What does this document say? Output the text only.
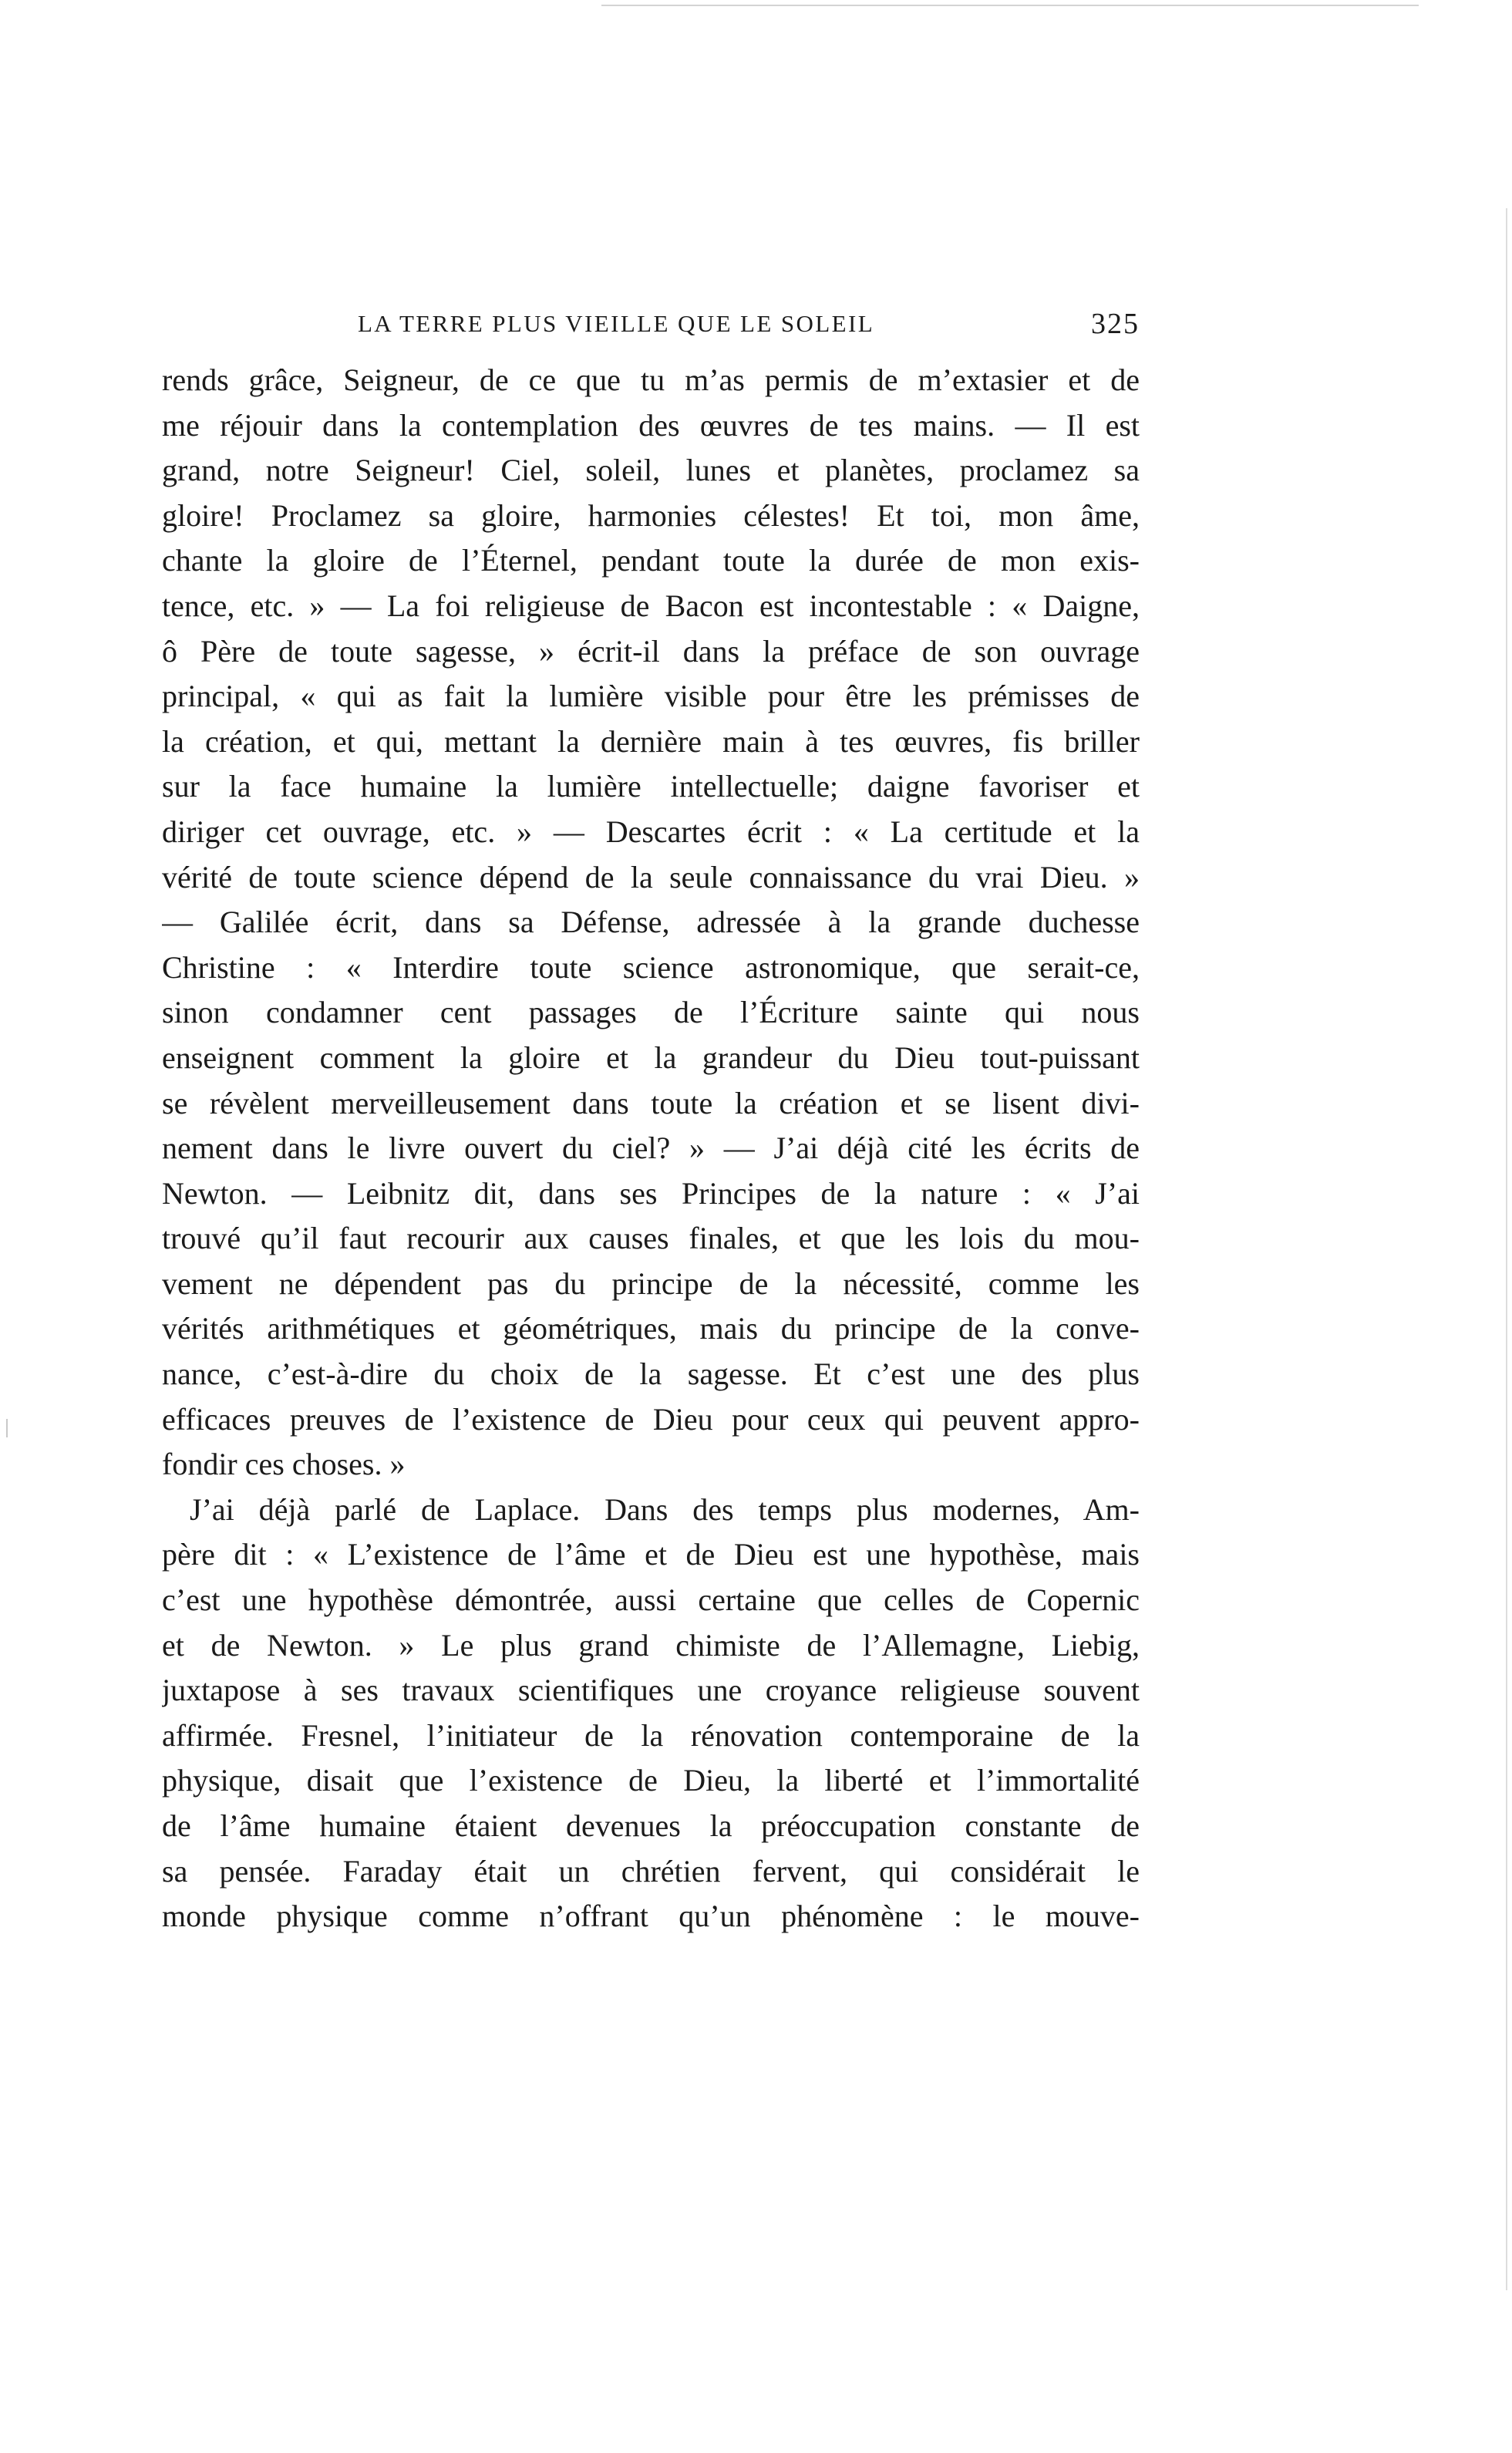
LA TERRE PLUS VIEILLE QUE LE SOLEIL	325
rends grâce, Seigneur, de ce que tu m’as permis de m’extasier et de
me réjouir dans la contemplation des œuvres de tes mains. — Il est
grand, notre Seigneur! Ciel, soleil, lunes et planètes, proclamez sa
gloire! Proclamez sa gloire, harmonies célestes! Et toi, mon âme,
chante la gloire de l’Éternel, pendant toute la durée de mon exis-
tence, etc. » — La foi religieuse de Bacon est incontestable : « Daigne,
ô Père de toute sagesse, » écrit-il dans la préface de son ouvrage
principal, « qui as fait la lumière visible pour être les prémisses de
la création, et qui, mettant la dernière main à tes œuvres, fis briller
sur la face humaine la lumière intellectuelle; daigne favoriser et
diriger cet ouvrage, etc. » — Descartes écrit : « La certitude et la
vérité de toute science dépend de la seule connaissance du vrai Dieu. »
— Galilée écrit, dans sa Défense, adressée à la grande duchesse
Christine : « Interdire toute science astronomique, que serait-ce,
sinon condamner cent passages de l’Écriture sainte qui nous
enseignent comment la gloire et la grandeur du Dieu tout-puissant
se révèlent merveilleusement dans toute la création et se lisent divi-
nement dans le livre ouvert du ciel? » — J’ai déjà cité les écrits de
Newton. — Leibnitz dit, dans ses Principes de la nature : « J’ai
trouvé qu’il faut recourir aux causes finales, et que les lois du mou-
vement ne dépendent pas du principe de la nécessité, comme les
vérités arithmétiques et géométriques, mais du principe de la conve-
nance, c’est-à-dire du choix de la sagesse. Et c’est une des plus
efficaces preuves de l’existence de Dieu pour ceux qui peuvent appro-
fondir ces choses. »
J’ai déjà parlé de Laplace. Dans des temps plus modernes, Am-
père dit : « L’existence de l’âme et de Dieu est une hypothèse, mais
c’est une hypothèse démontrée, aussi certaine que celles de Copernic
et de Newton. » Le plus grand chimiste de l’Allemagne, Liebig,
juxtapose à ses travaux scientifiques une croyance religieuse souvent
affirmée. Fresnel, l’initiateur de la rénovation contemporaine de la
physique, disait que l’existence de Dieu, la liberté et l’immortalité
de l’âme humaine étaient devenues la préoccupation constante de
sa pensée. Faraday était un chrétien fervent, qui considérait le
monde physique comme n’offrant qu’un phénomène : le mouve-
